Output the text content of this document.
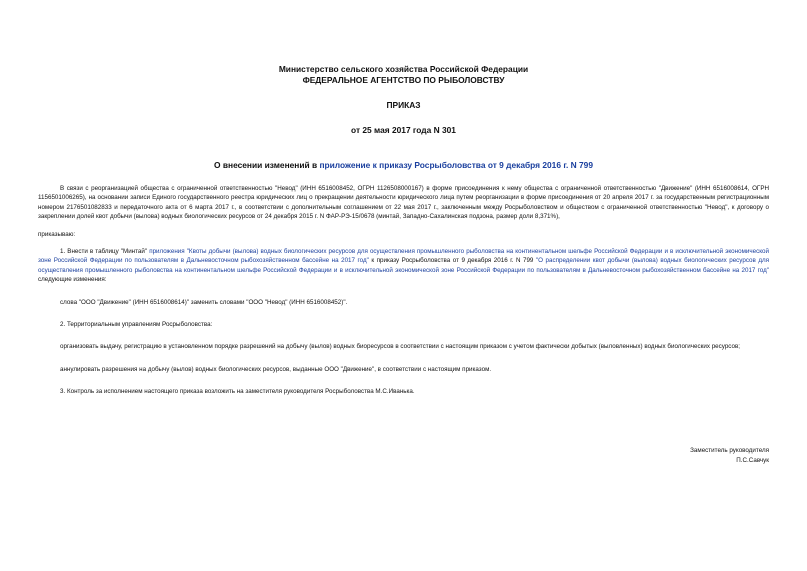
Министерство сельского хозяйства Российской Федерации

ФЕДЕРАЛЬНОЕ АГЕНТСТВО ПО РЫБОЛОВСТВУ

ПРИКАЗ

от 25 мая 2017 года N 301

О внесении изменений в приложение к приказу Росрыболовства от 9 декабря 2016 г. N 799

В связи с реорганизацией общества с ограниченной ответственностью "Невод" (ИНН 6516008452, ОГРН 1126508000167) в форме присоединения к нему общества с ограниченной ответственностью "Движение" (ИНН 6516008614, ОГРН 1156501006265), на основании записи Единого государственного реестра юридических лиц о прекращении деятельности юридического лица путем реорганизации в форме присоединения от 20 апреля 2017 г. за государственным регистрационным номером 2176501082833 и передаточного акта от 6 марта 2017 г., в соответствии с дополнительным соглашением от 22 мая 2017 г., заключенным между Росрыболовством и обществом с ограниченной ответственностью "Невод", к договору о закреплении долей квот добычи (вылова) водных биологических ресурсов от 24 декабря 2015 г. N ФАР-РЭ-15/0678 (минтай, Западно-Сахалинская подзона, размер доли 8,371%),

приказываю:

1. Внести в таблицу "Минтай" приложения "Квоты добычи (вылова) водных биологических ресурсов для осуществления промышленного рыболовства на континентальном шельфе Российской Федерации и в исключительной экономической зоне Российской Федерации по пользователям в Дальневосточном рыбохозяйственном бассейне на 2017 год" к приказу Росрыболовства от 9 декабря 2016 г. N 799 "О распределении квот добычи (вылова) водных биологических ресурсов для осуществления промышленного рыболовства на континентальном шельфе Российской Федерации и в исключительной экономической зоне Российской Федерации по пользователям в Дальневосточном рыбохозяйственном бассейне на 2017 год" следующие изменения:

слова "ООО "Движение" (ИНН 6516008614)" заменить словами "ООО "Невод" (ИНН 6516008452)".

2. Территориальным управлениям Росрыболовства:

организовать выдачу, регистрацию в установленном порядке разрешений на добычу (вылов) водных биоресурсов в соответствии с настоящим приказом с учетом фактически добытых (выловленных) водных биологических ресурсов;

аннулировать разрешения на добычу (вылов) водных биологических ресурсов, выданные ООО "Движение", в соответствии с настоящим приказом.

3. Контроль за исполнением настоящего приказа возложить на заместителя руководителя Росрыболовства М.С.Иванька.

Заместитель руководителя
П.С.Савчук
